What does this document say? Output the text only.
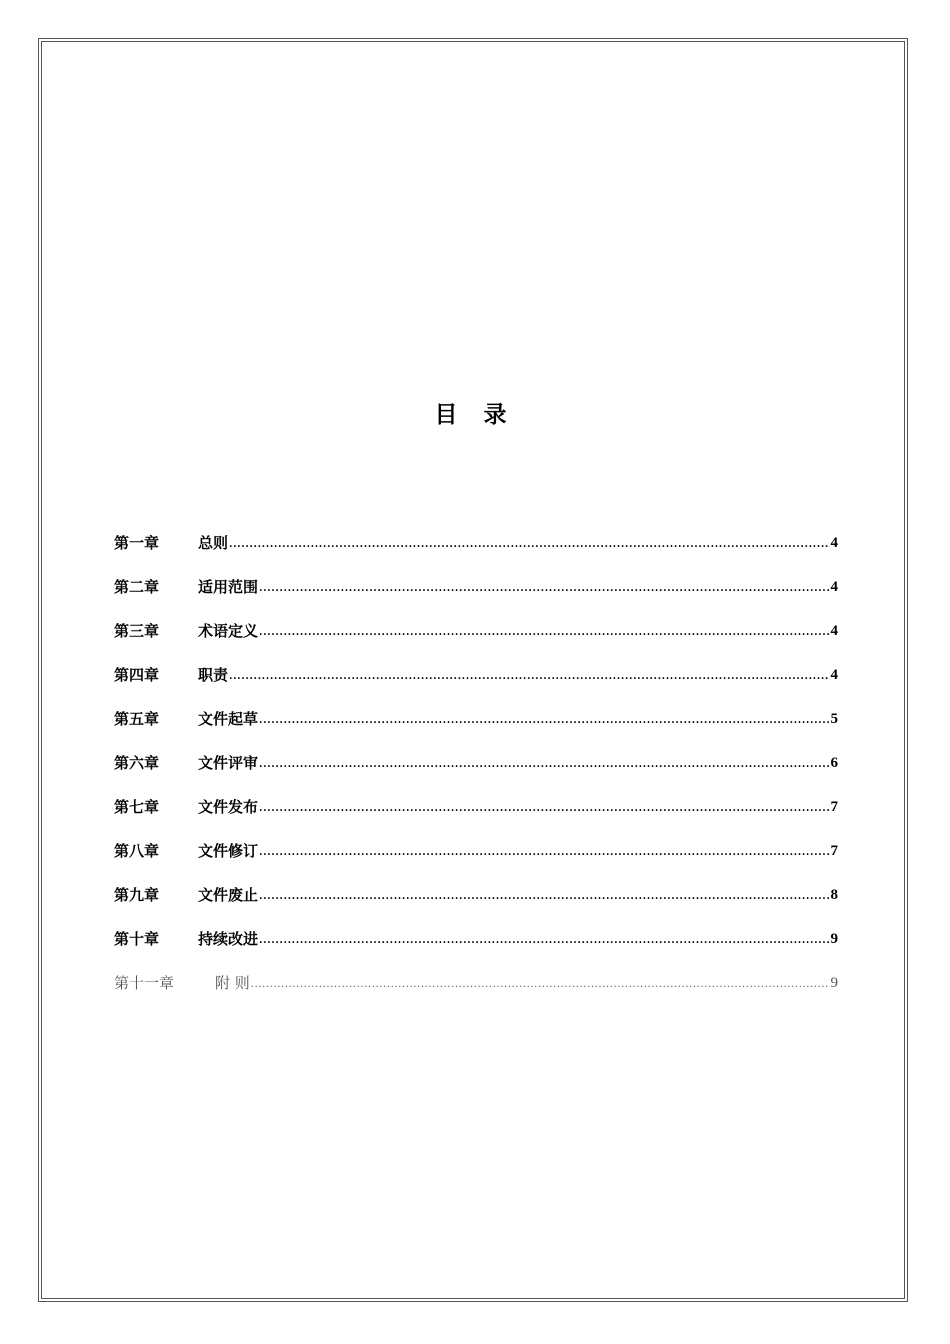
目 录
第一章	总则 .....	4
第二章	适用范围 .....	4
第三章	术语定义 .....	4
第四章	职责 .....	4
第五章	文件起草 .....	5
第六章	文件评审 .....	6
第七章	文件发布 .....	7
第八章	文件修订 .....	7
第九章	文件废止 .....	8
第十章	持续改进 .....	9
第十一章	附 则 .....	9
